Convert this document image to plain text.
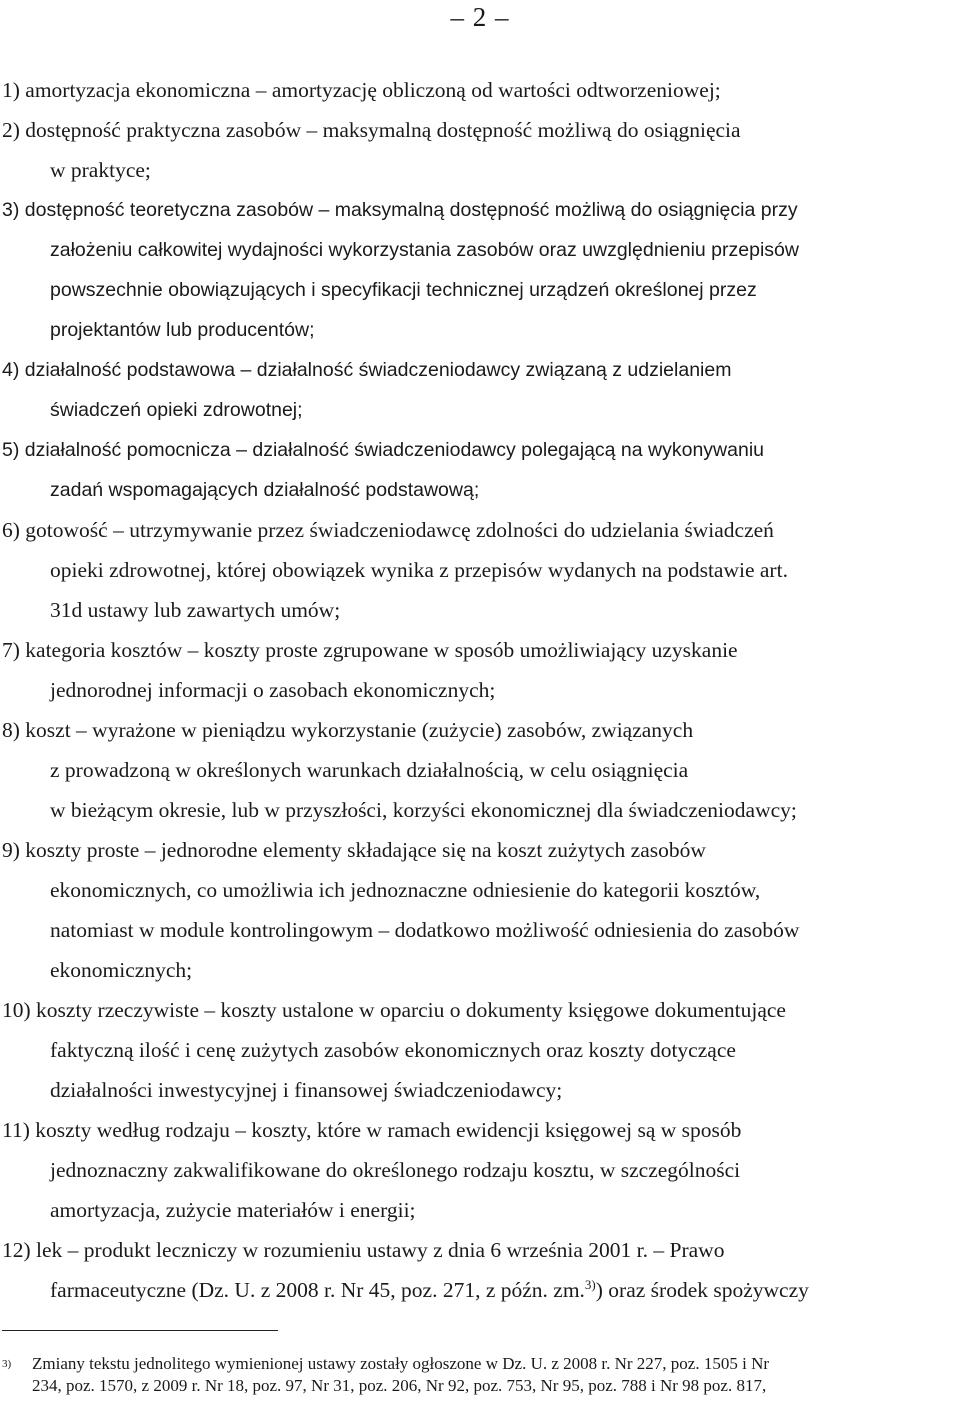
– 2 –
1) amortyzacja ekonomiczna – amortyzację obliczoną od wartości odtworzeniowej;
2) dostępność praktyczna zasobów – maksymalną dostępność możliwą do osiągnięcia
w praktyce;
3) dostępność teoretyczna zasobów – maksymalną dostępność możliwą do osiągnięcia przy
założeniu całkowitej wydajności wykorzystania zasobów oraz uwzględnieniu przepisów
powszechnie obowiązujących i specyfikacji technicznej urządzeń określonej przez
projektantów lub producentów;
4) działalność podstawowa – działalność świadczeniodawcy związaną z udzielaniem
świadczeń opieki zdrowotnej;
5) działalność pomocnicza – działalność świadczeniodawcy polegającą na wykonywaniu
zadań wspomagających działalność podstawową;
6) gotowość – utrzymywanie przez świadczeniodawcę zdolności do udzielania świadczeń
opieki zdrowotnej, której obowiązek wynika z przepisów wydanych na podstawie art.
31d ustawy lub zawartych umów;
7) kategoria kosztów – koszty proste zgrupowane w sposób umożliwiający uzyskanie
jednorodnej informacji o zasobach ekonomicznych;
8) koszt – wyrażone w pieniądzu wykorzystanie (zużycie) zasobów, związanych
z prowadzoną w określonych warunkach działalnością, w celu osiągnięcia
w bieżącym okresie, lub w przyszłości, korzyści ekonomicznej dla świadczeniodawcy;
9) koszty proste – jednorodne elementy składające się na koszt zużytych zasobów
ekonomicznych, co umożliwia ich jednoznaczne odniesienie do kategorii kosztów,
natomiast w module kontrolingowym – dodatkowo możliwość odniesienia do zasobów
ekonomicznych;
10) koszty rzeczywiste – koszty ustalone w oparciu o dokumenty księgowe dokumentujące
faktyczną ilość i cenę zużytych zasobów ekonomicznych oraz koszty dotyczące
działalności inwestycyjnej i finansowej świadczeniodawcy;
11) koszty według rodzaju – koszty, które w ramach ewidencji księgowej są w sposób
jednoznaczny zakwalifikowane do określonego rodzaju kosztu, w szczególności
amortyzacja, zużycie materiałów i energii;
12) lek – produkt leczniczy w rozumieniu ustawy z dnia 6 września 2001 r. – Prawo
farmaceutyczne (Dz. U. z 2008 r. Nr 45, poz. 271, z późn. zm.$^{3)}$) oraz środek spożywczy
3) Zmiany tekstu jednolitego wymienionej ustawy zostały ogłoszone w Dz. U. z 2008 r. Nr 227, poz. 1505 i Nr
234, poz. 1570, z 2009 r. Nr 18, poz. 97, Nr 31, poz. 206, Nr 92, poz. 753, Nr 95, poz. 788 i Nr 98 poz. 817,
